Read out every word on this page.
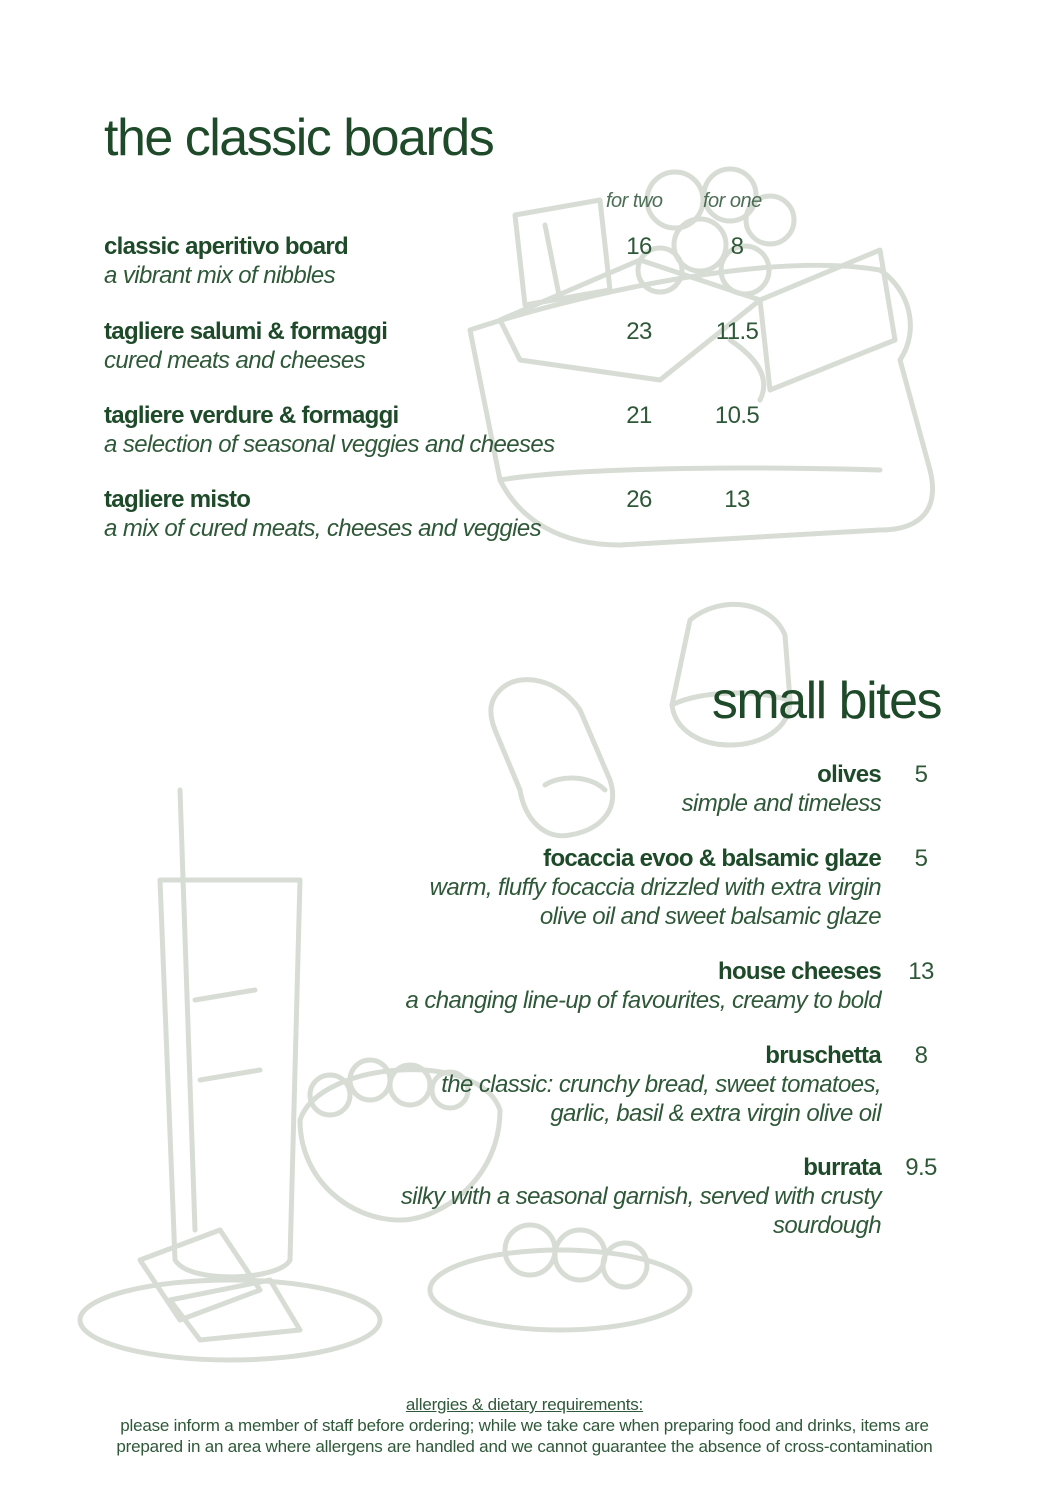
the classic boards
for two for one
classic aperitivo board
a vibrant mix of nibbles
16	8
tagliere salumi & formaggi
cured meats and cheeses
23	11.5
tagliere verdure & formaggi
a selection of seasonal veggies and cheeses
21	10.5
tagliere misto
a mix of cured meats, cheeses and veggies
26	13
small bites
olives
simple and timeless
5
focaccia evoo & balsamic glaze
warm, fluffy focaccia drizzled with extra virgin
olive oil and sweet balsamic glaze
5
house cheeses
a changing line-up of favourites, creamy to bold
13
bruschetta
the classic: crunchy bread, sweet tomatoes,
garlic, basil & extra virgin olive oil
8
burrata
silky with a seasonal garnish, served with crusty
sourdough
9.5
allergies & dietary requirements:
please inform a member of staff before ordering; while we take care when preparing food and drinks, items are
prepared in an area where allergens are handled and we cannot guarantee the absence of cross-contamination
